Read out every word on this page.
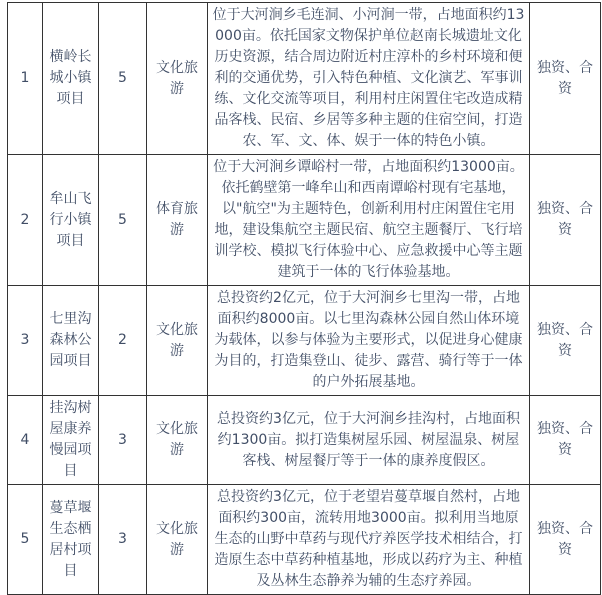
1	横岭长城小镇项目	5	文化旅游	位于大河涧乡毛连洞、小河涧一带，占地面积约13000亩。依托国家文物保护单位赵南长城遗址文化历史资源，结合周边附近村庄淳朴的乡村环境和便利的交通优势，引入特色种植、文化演艺、军事训练、文化交流等项目，利用村庄闲置住宅改造成精品客栈、民宿、乡居等多种主题的住宿空间，打造农、军、文、体、娱于一体的特色小镇。	独资、合资
2	牟山飞行小镇项目	5	体育旅游	位于大河涧乡谭峪村一带，占地面积约13000亩。依托鹤壁第一峰牟山和西南谭峪村现有宅基地，以"航空"为主题特色，创新利用村庄闲置住宅用地，建设集航空主题民宿、航空主题餐厅、飞行培训学校、模拟飞行体验中心、应急救援中心等主题建筑于一体的飞行体验基地。	独资、合资
3	七里沟森林公园项目	2	文化旅游	总投资约2亿元，位于大河涧乡七里沟一带，占地面积约8000亩。以七里沟森林公园自然山体环境为载体，以参与体验为主要形式，以促进身心健康为目的，打造集登山、徒步、露营、骑行等于一体的户外拓展基地。	独资、合资
4	挂沟树屋康养慢园项目	3	文化旅游	总投资约3亿元，位于大河涧乡挂沟村，占地面积约1300亩。拟打造集树屋乐园、树屋温泉、树屋客栈、树屋餐厅等于一体的康养度假区。	独资、合资
5	蔓草堰生态栖居村项目	3	文化旅游	总投资约3亿元，位于老望岩蔓草堰自然村，占地面积约300亩，流转用地3000亩。拟利用当地原生态的山野中草药与现代疗养医学技术相结合，打造原生态中草药种植基地，形成以药疗为主、种植及丛林生态静养为辅的生态疗养园。	独资、合资
